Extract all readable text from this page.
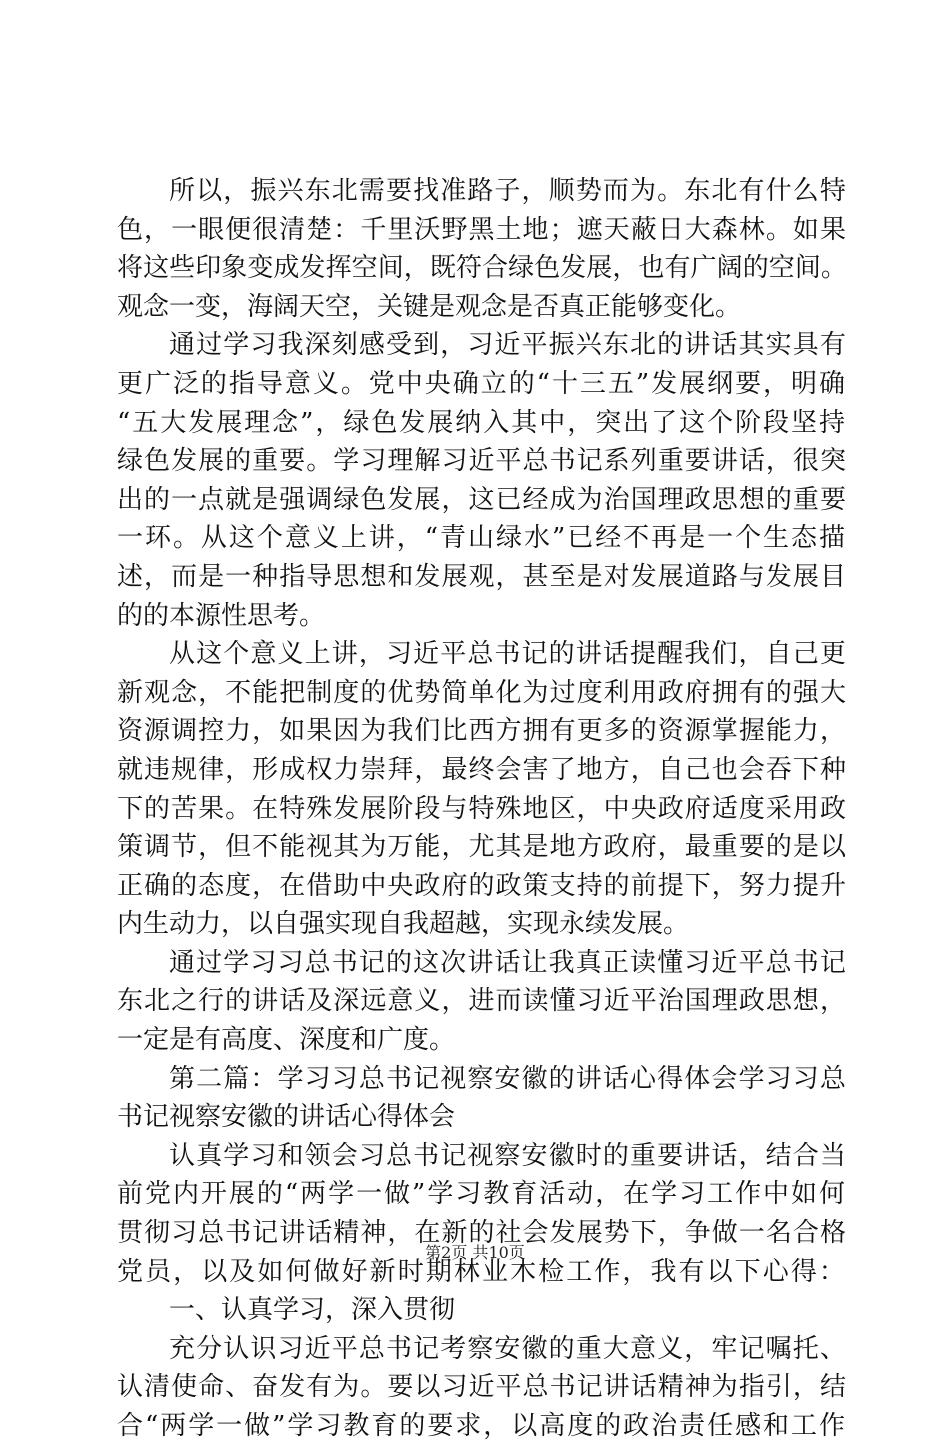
所以，振兴东北需要找准路子，顺势而为。东北有什么特
色，一眼便很清楚：千里沃野黑土地；遮天蔽日大森林。如果
将这些印象变成发挥空间，既符合绿色发展，也有广阔的空间。
观念一变，海阔天空，关键是观念是否真正能够变化。
通过学习我深刻感受到，习近平振兴东北的讲话其实具有
更广泛的指导意义。党中央确立的“十三五”发展纲要，明确
“五大发展理念”，绿色发展纳入其中，突出了这个阶段坚持
绿色发展的重要。学习理解习近平总书记系列重要讲话，很突
出的一点就是强调绿色发展，这已经成为治国理政思想的重要
一环。从这个意义上讲，“青山绿水”已经不再是一个生态描
述，而是一种指导思想和发展观，甚至是对发展道路与发展目
的的本源性思考。
从这个意义上讲，习近平总书记的讲话提醒我们，自己更
新观念，不能把制度的优势简单化为过度利用政府拥有的强大
资源调控力，如果因为我们比西方拥有更多的资源掌握能力，
就违规律，形成权力崇拜，最终会害了地方，自己也会吞下种
下的苦果。在特殊发展阶段与特殊地区，中央政府适度采用政
策调节，但不能视其为万能，尤其是地方政府，最重要的是以
正确的态度，在借助中央政府的政策支持的前提下，努力提升
内生动力，以自强实现自我超越，实现永续发展。
通过学习习总书记的这次讲话让我真正读懂习近平总书记
东北之行的讲话及深远意义，进而读懂习近平治国理政思想，
一定是有高度、深度和广度。
第二篇：学习习总书记视察安徽的讲话心得体会学习习总
书记视察安徽的讲话心得体会
认真学习和领会习总书记视察安徽时的重要讲话，结合当
前党内开展的“两学一做”学习教育活动，在学习工作中如何
贯彻习总书记讲话精神，在新的社会发展势下，争做一名合格
党员，以及如何做好新时期林业木检工作，我有以下心得：
一、认真学习，深入贯彻
充分认识习近平总书记考察安徽的重大意义，牢记嘱托、
认清使命、奋发有为。要以习近平总书记讲话精神为指引，结
合“两学一做”学习教育的要求，以高度的政治责任感和工作
第2页 共10页
